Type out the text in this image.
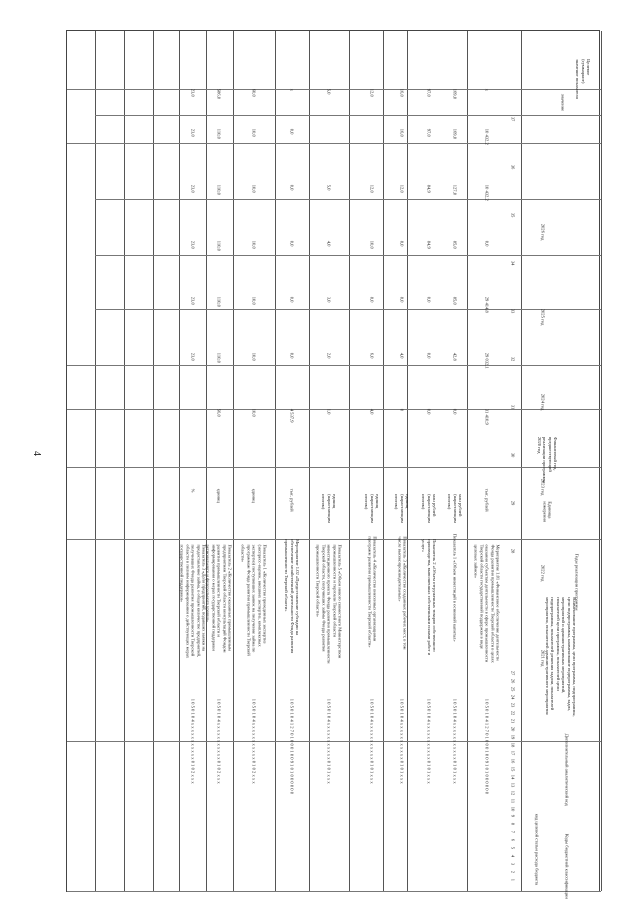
4
Целевое (суммарное) значение показателя
значение
Годы реализации программы
2021 год
2022 год
2023 год
2024 год
2025 год
2026 год
Финансовый год, предшествующий реализации программы 2020 год
Единица измерения
Наименование программы, цели программы, подпрограммы, цели подпрограммы, наименование подпрограммы, задач, мероприятий и административных мероприятий, показателей цели программы, показателей цели подпрограммы, показателей решения задачи, показателей мероприятия, показателей административного мероприятия
Дополнительный аналитический код
Коды бюджетной классификации
код целевой статьи расхода бюджета
1
2
3
4
5
6
7
8
9
10
11
12
13
14
15
16
17
18
19
20
21
22
23
24
25
26
27
28
29
30
31
32
33
34
35
36
37
1 0 5 0 1 0 4 1 2 7 0 1 0 0 0 1 0 0 9 1 0 1 0 0 0 0 0 0
Мероприятие 1.01 «Финансовое обеспечение деятельности Фонда развития промышленности Тверской области в целях оказания субъектам деятельности в сфере промышленности Тверской области государственной поддержки в виде целевых займов»
тыс. рублей
31 410,9
29 032,1
29 414,8
0,0
10 432,2
10 432,2
х
1 0 5 0 1 0 4 х х х х х х х х х х х 0 1 0 1 х х х
Показатель 1 «Объем инвестиций в основной капитал»
млн рублей (нарастающим итогом)
0,0
42,8
85,0
85,0
127,0
169,0
169,0
1 0 5 0 1 0 4 х х х х х х х х х х х 0 1 0 1 х х х
Показатель 2 «Объем отгруженных товаров собственного производства, выполненных собственными силами работ и услуг»
млн рублей (нарастающим итогом)
0,0
0,0
0,0
84,9
84,9
97,0
97,0
1 0 5 0 1 0 4 х х х х х х х х х х х 0 1 0 1 х х х
Показатель 3 «Количество созданных рабочих мест, в том числе высокопроизводительных»
единиц (нарастающим итогом)
0
4,0
8,0
8,0
12,0
16,0
16,0
1 0 5 0 1 0 4 х х х х х х х х х х х 0 1 0 1 х х х
Показатель 4 «Количество внесенных организациями программ развития промышленности Тверской области»
единиц (нарастающим итогом)
4,0
6,0
8,0
10,0
12,0
12,0
1 0 5 0 1 0 4 х х х х х х х х х х х 0 1 0 1 х х х
Показатель 5 «Объем нового совместного Министерством промышленности и торговли Тверской области инвестиционного проекта Фонда развития промышленности Тверской области, получивших займы Фонда развития промышленности Тверской области»
единиц (нарастающим итогом)
1,0
2,0
3,0
4,0
5,0
5,0
1 0 5 0 1 0 4 1 2 7 0 1 0 0 0 1 0 0 9 1 0 1 0 0 0 0 0 0
Мероприятие 1.02 «Предоставление субсидии на обеспечение хозяйственной деятельности Фонда развития промышленности Тверской области»
тыс. рублей
4 537,9
0,0
0,0
0,0
0,0
0,0
х
1 0 5 0 1 0 4 х х х х х х х х х х х 0 1 0 2 х х х
Показатель 1 «Количество проведенных экспертиз (экспресс-оценок, внешних экспертиз, комплексных экспертиз) поступивших заявок на получение займа по программам Фонда развития промышленности Тверской области»
единиц
10,0
10,0
10,0
10,0
10,0
10,0
60,0
1 0 5 0 1 0 4 х х х х х х х х х х х 0 1 0 2 х х х
Показатель 2 «Количество оказанных промышленным предприятиям Тверской области консультаций Фондом развития промышленности Тверской области и информирования о мерах государственной поддержки регионального и федерального уровня»
единиц
56,0
110,0
110,0
110,0
110,0
110,0
586,0
1 0 5 0 1 0 4 х х х х х х х х х х х 0 1 0 2 х х х
Показатель 3 «Доля предприятий, подавших заявки на предоставление займа, в общем количестве предприятий, получивших Фонда развития промышленности Тверской области в полном информировании о действующих мерах государственной поддержки»
%
23,0
23,0
23,0
23,0
23,0
23,0
